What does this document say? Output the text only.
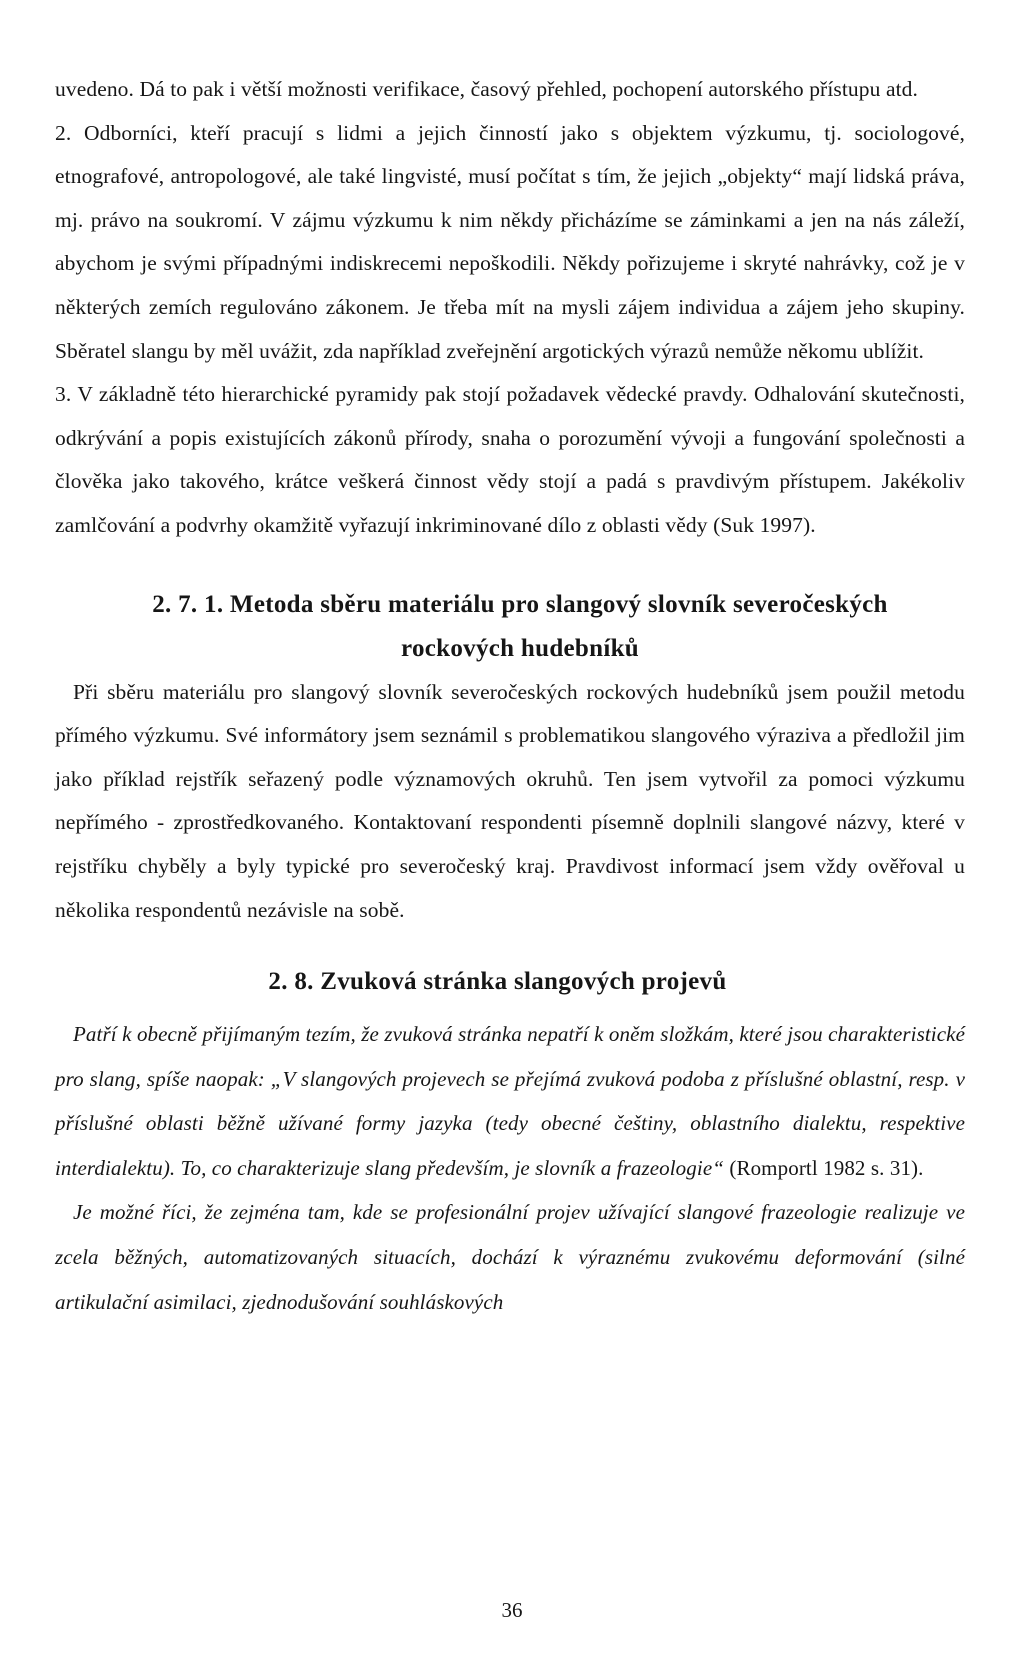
uvedeno. Dá to pak i větší možnosti verifikace, časový přehled, pochopení autorského přístupu atd.

2. Odborníci, kteří pracují s lidmi a jejich činností jako s objektem výzkumu, tj. sociologové, etnografové, antropologové, ale také lingvisté, musí počítat s tím, že jejich „objekty“ mají lidská práva, mj. právo na soukromí. V zájmu výzkumu k nim někdy přicházíme se záminkami a jen na nás záleží, abychom je svými případnými indiskrecemi nepoškodili. Někdy pořizujeme i skryté nahrávky, což je v některých zemích regulováno zákonem. Je třeba mít na mysli zájem individua a zájem jeho skupiny. Sběratel slangu by měl uvážit, zda například zveřejnění argotických výrazů nemůže někomu ublížit.

3. V základně této hierarchické pyramidy pak stojí požadavek vědecké pravdy. Odhalování skutečnosti, odkrývání a popis existujících zákonů přírody, snaha o porozumění vývoji a fungování společnosti a člověka jako takového, krátce veškerá činnost vědy stojí a padá s pravdivým přístupem. Jakékoliv zamlčování a podvrhy okamžitě vyřazují inkriminované dílo z oblasti vědy (Suk 1997).

2. 7. 1. Metoda sběru materiálu pro slangový slovník severočeských
rockových hudebníků

Při sběru materiálu pro slangový slovník severočeských rockových hudebníků jsem použil metodu přímého výzkumu. Své informátory jsem seznámil s problematikou slangového výraziva a předložil jim jako příklad rejstřík seřazený podle významových okruhů. Ten jsem vytvořil za pomoci výzkumu nepřímého - zprostředkovaného. Kontaktovaní respondenti písemně doplnili slangové názvy, které v rejstříku chyběly a byly typické pro severočeský kraj. Pravdivost informací jsem vždy ověřoval u několika respondentů nezávisle na sobě.

2. 8. Zvuková stránka slangových projevů

Patří k obecně přijímaným tezím, že zvuková stránka nepatří k oněm složkám, které jsou charakteristické pro slang, spíše naopak: „V slangových projevech se přejímá zvuková podoba z příslušné oblastní, resp. v příslušné oblasti běžně užívané formy jazyka (tedy obecné češtiny, oblastního dialektu, respektive interdialektu). To, co charakterizuje slang především, je slovník a frazeologie“ (Romportl 1982 s. 31).

Je možné říci, že zejména tam, kde se profesionální projev užívající slangové frazeologie realizuje ve zcela běžných, automatizovaných situacích, dochází k výraznému zvukovému deformování (silné artikulační asimilaci, zjednodušování souhláskových

36
